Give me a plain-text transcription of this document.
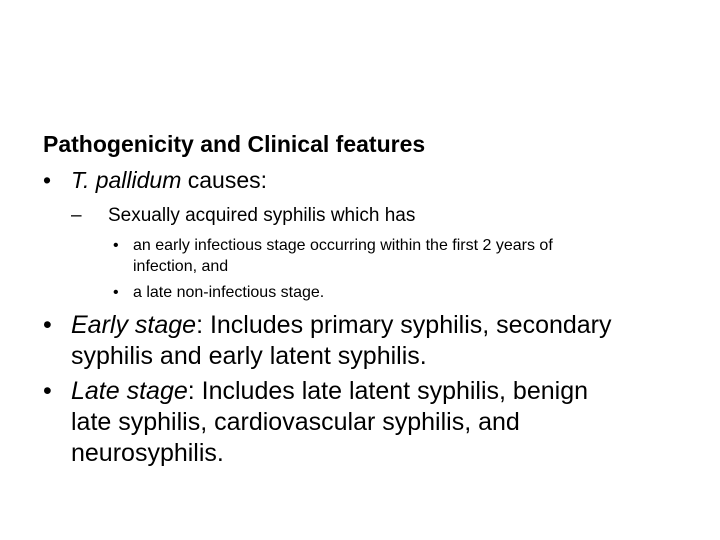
Pathogenicity and Clinical features
• T. pallidum causes:
– Sexually acquired syphilis which has
• an early infectious stage occurring within the first 2 years of
infection, and
• a late non-infectious stage.
• Early stage: Includes primary syphilis, secondary
syphilis and early latent syphilis.
• Late stage: Includes late latent syphilis, benign
late syphilis, cardiovascular syphilis, and
neurosyphilis.
